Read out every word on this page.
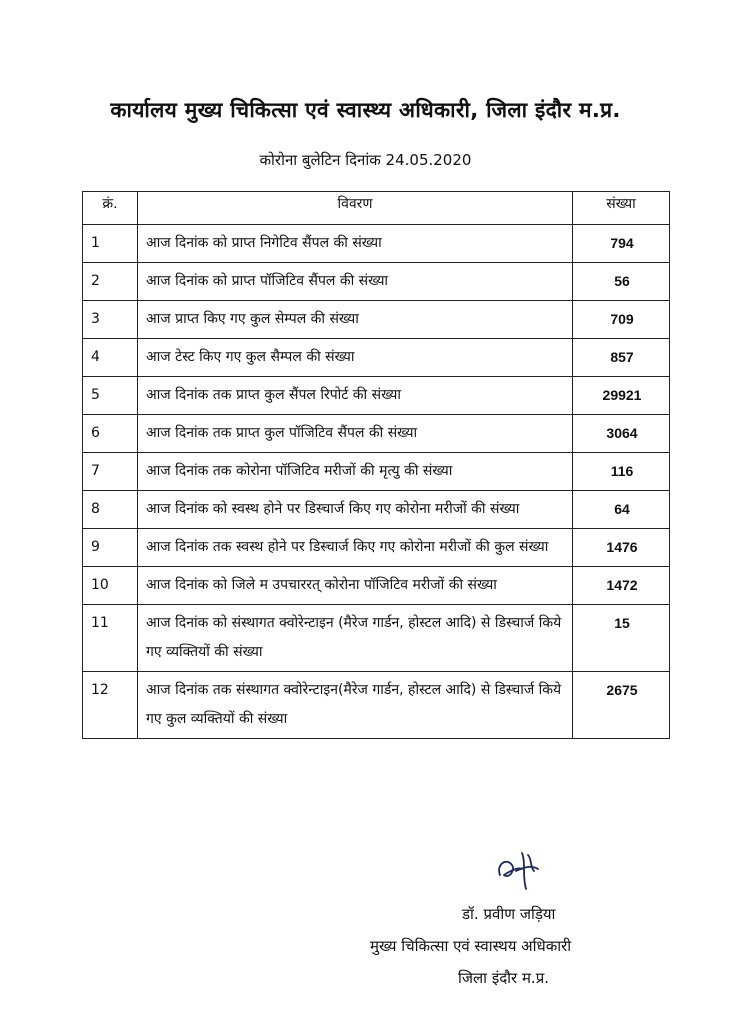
कार्यालय मुख्य चिकित्सा एवं स्वास्थ्य अधिकारी, जिला इंदौर म.प्र.
कोरोना बुलेटिन दिनांक 24.05.2020
क्रं.	विवरण	संख्या
1	आज दिनांक को प्राप्त निगेटिव सैंपल की संख्या	794
2	आज दिनांक को प्राप्त पॉजिटिव सैंपल की संख्या	56
3	आज प्राप्त किए गए कुल सेम्पल की संख्या	709
4	आज टेस्ट किए गए कुल सैम्पल की संख्या	857
5	आज दिनांक तक प्राप्त कुल सैंपल रिपोर्ट की संख्या	29921
6	आज दिनांक तक प्राप्त कुल पॉजिटिव सैंपल की संख्या	3064
7	आज दिनांक तक कोरोना पॉजिटिव मरीजों की मृत्यु की संख्या	116
8	आज दिनांक को स्वस्थ होने पर डिस्चार्ज किए गए कोरोना मरीजों की संख्या	64
9	आज दिनांक तक स्वस्थ होने पर डिस्चार्ज किए गए कोरोना मरीजों की कुल संख्या	1476
10	आज दिनांक को जिले म उपचाररत् कोरोना पॉजिटिव मरीजों की संख्या	1472
11	आज दिनांक को संस्थागत क्वोरेन्टाइन (मैरेज गार्डन, होस्टल आदि) से डिस्चार्ज किये गए व्यक्तियों की संख्या	15
12	आज दिनांक तक संस्थागत क्वोरेन्टाइन(मैरेज गार्डन, होस्टल आदि) से डिस्चार्ज किये गए कुल व्यक्तियों की संख्या	2675
डॉ. प्रवीण जड़िया
मुख्य चिकित्सा एवं स्वास्थय अधिकारी
जिला इंदौर म.प्र.
